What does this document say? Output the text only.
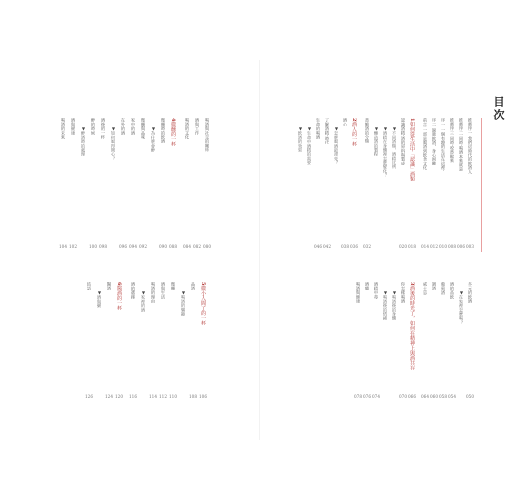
目次
推薦序一 我們這時代的飲酒人
003
推薦序二 同時·喝酒本來就是
006
推薦序三 同時·咬鼻鬆來
008
序一 一個有趣的生活在這裡·
010
序二 過量飲酒，身心困難
012
前言 一部是喝酒到飲食文化
014
1如何從生活中「認識」酒類
018
認識酒精·酒的原料與製成
020
▼不同酒類，酒精比例
▼酒精在身體裡怎麼變化？
▼釀造酒的製程
蒸餾酒的分類
032
2酒人的一杯
036
酒心
038
▼怎麼喝酒最漂亮？
了解酒精·時代
042
生命的喝酒
046
▼生命中酒精的需要
▼飲酒的效果
多元的飲酒
050
▼在家裡怎麼喝？
酒的品飲
054
葡萄酒
058
調酒
060
威士忌
064
3酒後的時光了，如何在精神上與酒共存
066
你怎樣喝酒
070
▼喝酒後的身體
▼喝酒後的情緒
酒精中毒
074
酒癮
076
喝酒與健康
078
喝酒與社交的關係
080
酒與工作
082
喝酒的文化
084
4微醺的一杯
088
微醺時的飲酒
090
▼為什麼會醉
微醺與品味
092
家中的酒
094
在外的酒
096
▼如何喝得開心？
酒後的一杯
098
醉的時候
100
▼醉酒時的處理
酒與健康
102
喝酒的未來
104
5微小人間了的一杯
106
品酒
108
▼喝酒的樂趣
微醺
110
酒與生活
112
喝酒的理由
114
▼家裡的酒
酒的選擇
116
6醫酒的一杯
120
醫酒
124
▼酒與藥
結語
126
